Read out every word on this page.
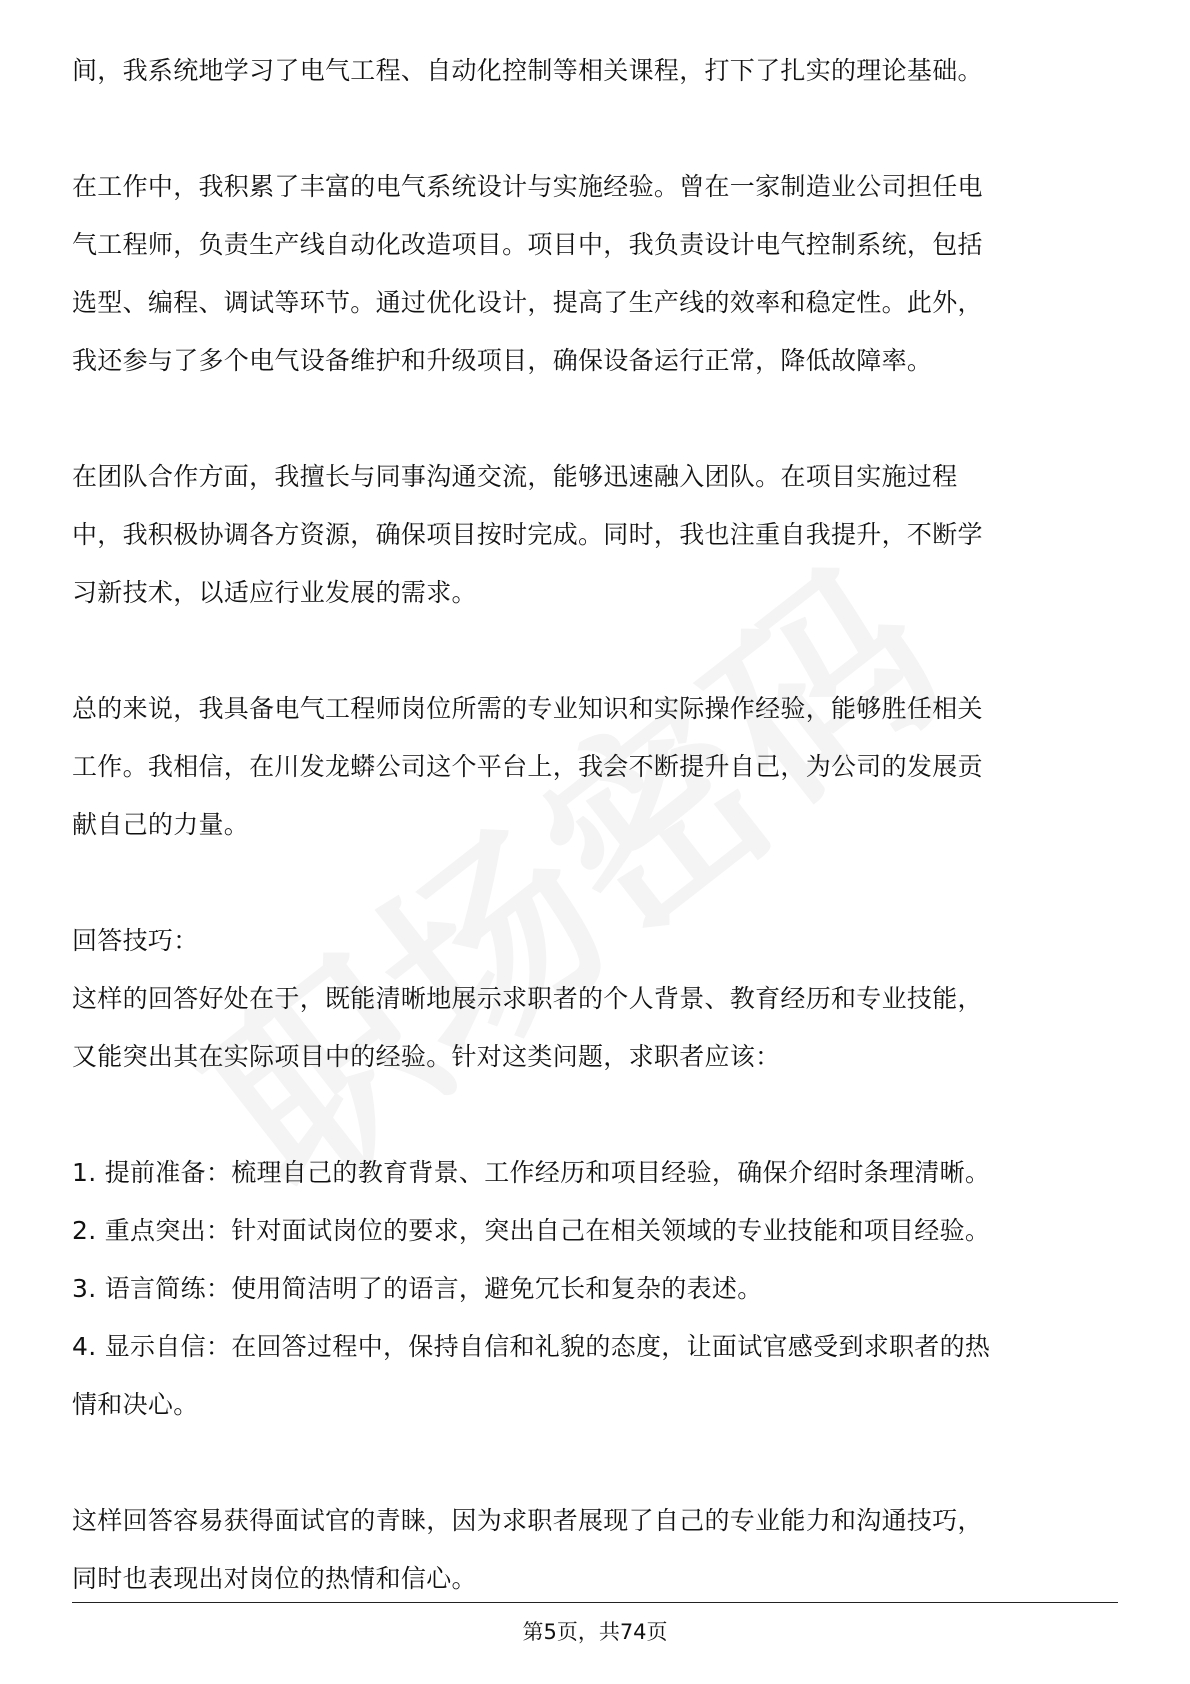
间，我系统地学习了电气工程、自动化控制等相关课程，打下了扎实的理论基础。

在工作中，我积累了丰富的电气系统设计与实施经验。曾在一家制造业公司担任电
气工程师，负责生产线自动化改造项目。项目中，我负责设计电气控制系统，包括
选型、编程、调试等环节。通过优化设计，提高了生产线的效率和稳定性。此外，
我还参与了多个电气设备维护和升级项目，确保设备运行正常，降低故障率。

在团队合作方面，我擅长与同事沟通交流，能够迅速融入团队。在项目实施过程
中，我积极协调各方资源，确保项目按时完成。同时，我也注重自我提升，不断学
习新技术，以适应行业发展的需求。

总的来说，我具备电气工程师岗位所需的专业知识和实际操作经验，能够胜任相关
工作。我相信，在川发龙蟒公司这个平台上，我会不断提升自己，为公司的发展贡
献自己的力量。

回答技巧：
这样的回答好处在于，既能清晰地展示求职者的个人背景、教育经历和专业技能，
又能突出其在实际项目中的经验。针对这类问题，求职者应该：

1. 提前准备：梳理自己的教育背景、工作经历和项目经验，确保介绍时条理清晰。
2. 重点突出：针对面试岗位的要求，突出自己在相关领域的专业技能和项目经验。
3. 语言简练：使用简洁明了的语言，避免冗长和复杂的表述。
4. 显示自信：在回答过程中，保持自信和礼貌的态度，让面试官感受到求职者的热
情和决心。

这样回答容易获得面试官的青睐，因为求职者展现了自己的专业能力和沟通技巧，
同时也表现出对岗位的热情和信心。

第5页，共74页
